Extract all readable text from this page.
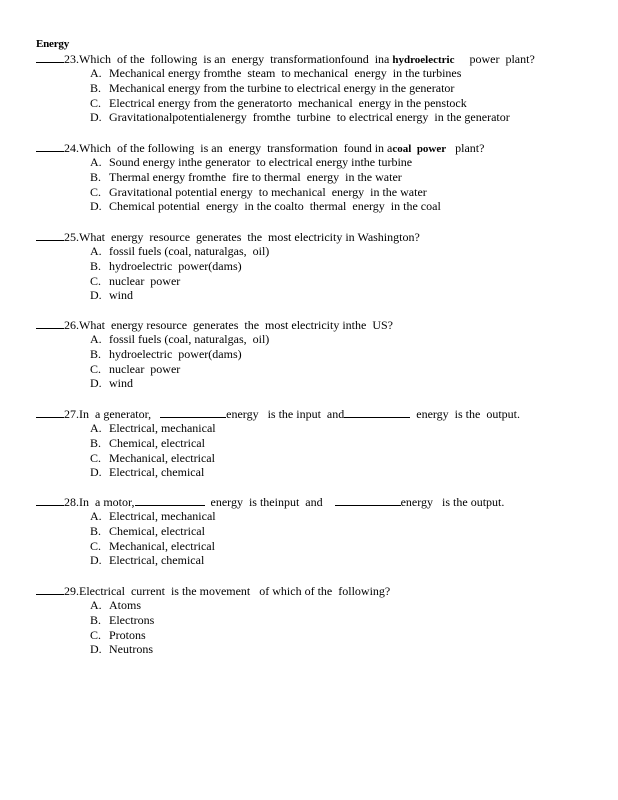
Energy
23.Which  of the  following  is an  energy  transformationfound  ina hydroelectric     power  plant?
A. Mechanical energy fromthe  steam  to mechanical  energy  in the turbines
B. Mechanical energy from the turbine to electrical energy in the generator
C. Electrical energy from the generatorto  mechanical  energy in the penstock
D. Gravitationalpotentialenergy  fromthe  turbine  to electrical energy  in the generator
24.Which  of the following  is an  energy  transformation  found in acoal  power   plant?
A. Sound energy inthe generator  to electrical energy inthe turbine
B. Thermal energy fromthe  fire to thermal  energy  in the water
C. Gravitational potential energy  to mechanical  energy  in the water
D. Chemical potential  energy  in the coalto  thermal  energy  in the coal
25.What  energy  resource  generates  the  most electricity in Washington?
A. fossil fuels (coal, naturalgas,  oil)
B. hydroelectric  power(dams)
C. nuclear  power
D. wind
26.What  energy resource  generates  the  most electricity inthe  US?
A. fossil fuels (coal, naturalgas,  oil)
B. hydroelectric  power(dams)
C. nuclear  power
D. wind
27.In  a generator,	energy   is the input  and	energy  is the  output.
A. Electrical, mechanical
B. Chemical, electrical
C. Mechanical, electrical
D. Electrical, chemical
28.In  a motor,	energy  is theinput  and	energy   is the output.
A. Electrical, mechanical
B. Chemical, electrical
C. Mechanical, electrical
D. Electrical, chemical
29.Electrical  current  is the movement   of which of the  following?
A. Atoms
B. Electrons
C. Protons
D. Neutrons
